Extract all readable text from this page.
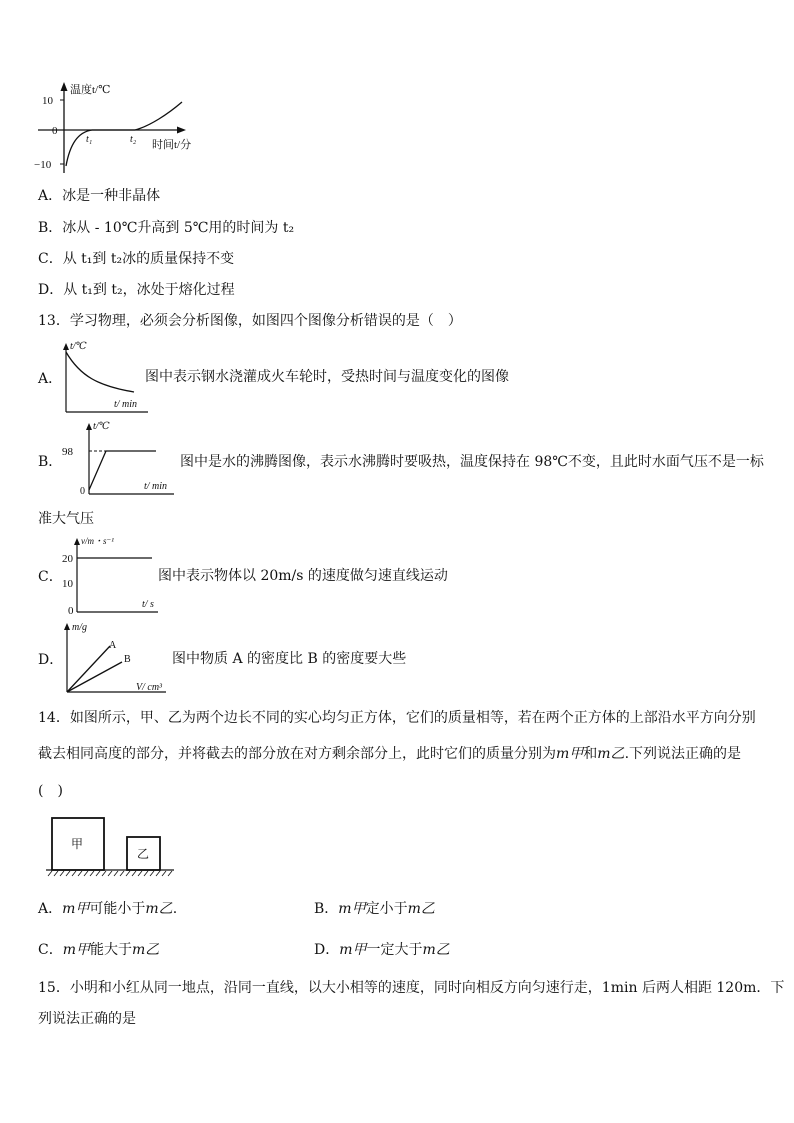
温度t/℃
时间t/分
10
0
−10
t₁	t₂
A．冰是一种非晶体
B．冰从 - 10℃升高到 5℃用的时间为 t₂
C．从 t₁到 t₂冰的质量保持不变
D．从 t₁到 t₂，冰处于熔化过程
13．学习物理，必须会分析图像，如图四个图像分析错误的是（　）
A．
t/℃
t/ min
图中表示钢水浇灌成火车轮时，受热时间与温度变化的图像
B．
t/℃
t/ min
98
0
图中是水的沸腾图像，表示水沸腾时要吸热，温度保持在 98℃不变，且此时水面气压不是一标
准大气压
C．
v/m・s⁻¹
t/ s
20
10
0
图中表示物体以 20m/s 的速度做匀速直线运动
D．
m/g
V/ cm³
A
B	图中物质 A 的密度比 B 的密度要大些
14．如图所示，甲、乙为两个边长不同的实心均匀正方体，它们的质量相等，若在两个正方体的上部沿水平方向分别
截去相同高度的部分，并将截去的部分放在对方剩余部分上，此时它们的质量分别为m甲和m乙.下列说法正确的是
(　)
甲
乙
A．m甲可能小于m乙.	B．m甲定小于m乙
C．m甲能大于m乙	D．m甲一定大于m乙
15．小明和小红从同一地点，沿同一直线，以大小相等的速度，同时向相反方向匀速行走，1min 后两人相距 120m．下
列说法正确的是
